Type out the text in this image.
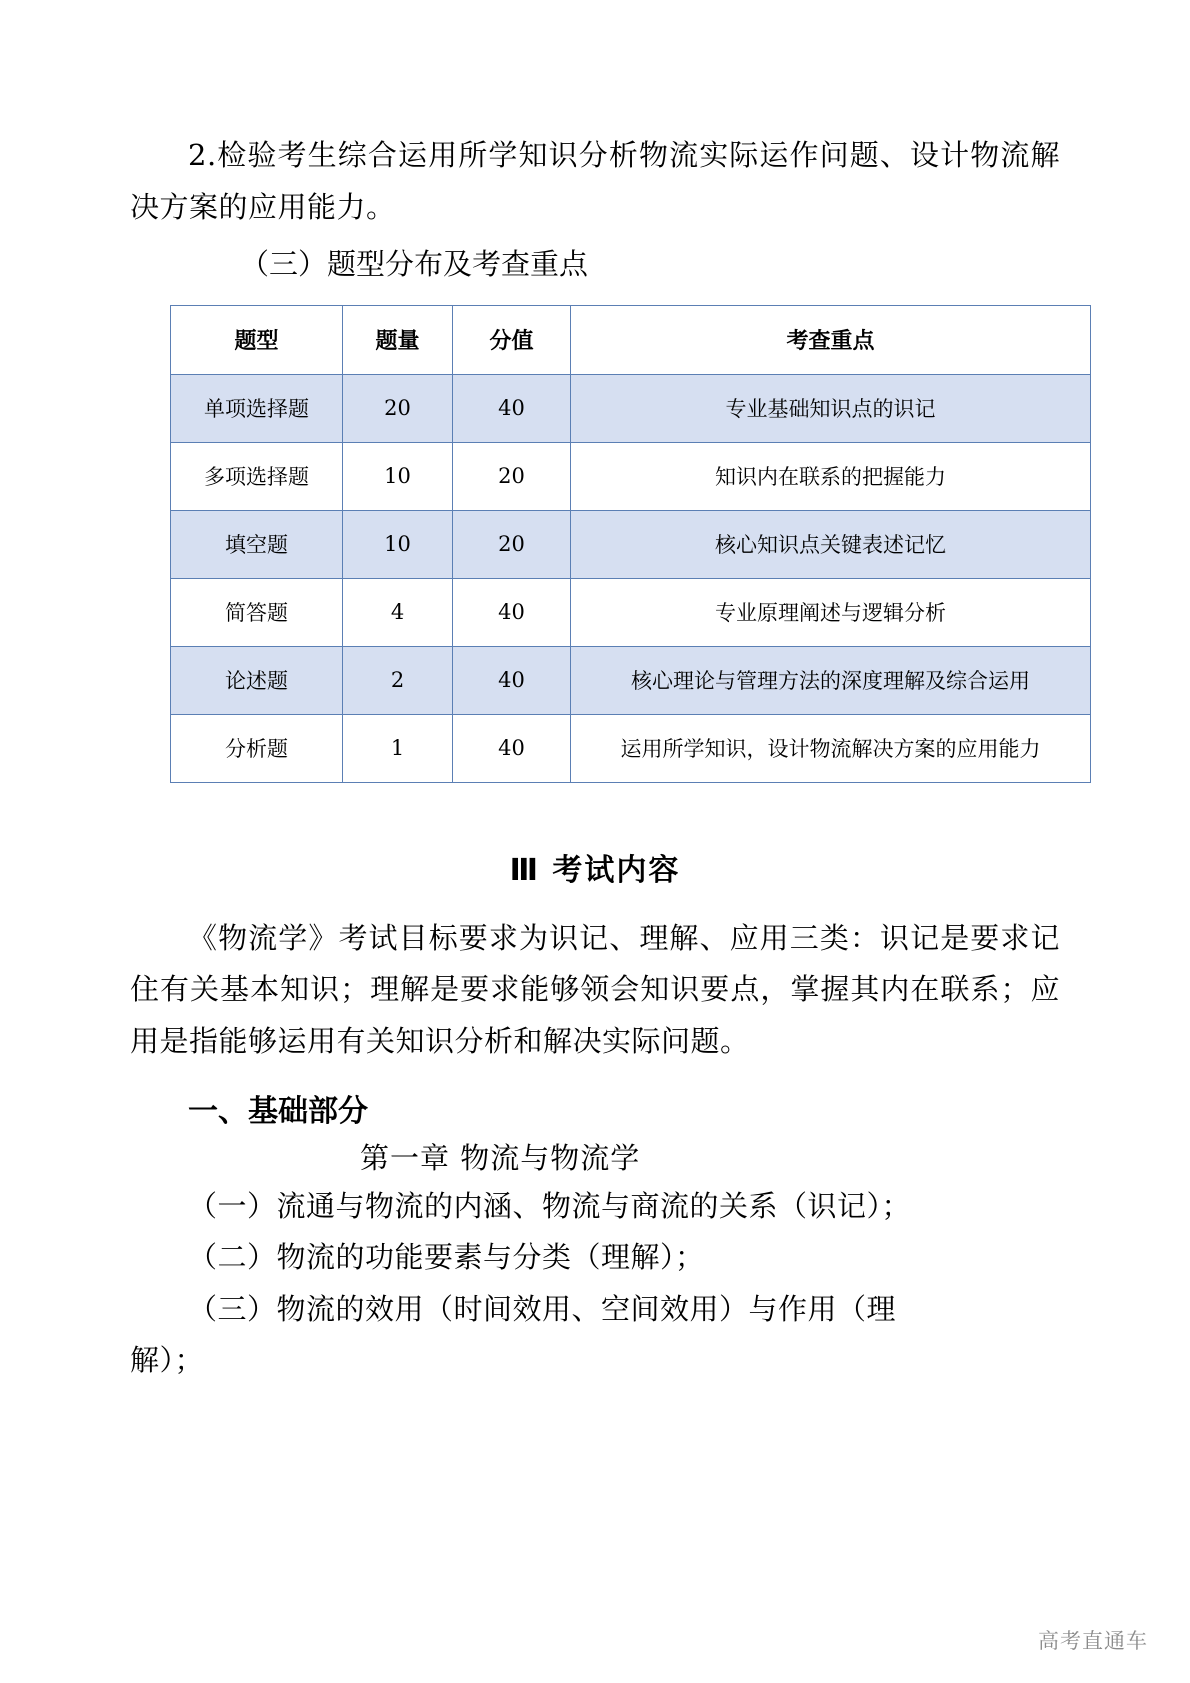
2.检验考生综合运用所学知识分析物流实际运作问题、设计物流解决方案的应用能力。

（三）题型分布及考查重点

题型	题量	分值	考查重点
单项选择题	20	40	专业基础知识点的识记
多项选择题	10	20	知识内在联系的把握能力
填空题	10	20	核心知识点关键表述记忆
简答题	4	40	专业原理阐述与逻辑分析
论述题	2	40	核心理论与管理方法的深度理解及综合运用
分析题	1	40	运用所学知识，设计物流解决方案的应用能力
Ⅲ 考试内容

《物流学》考试目标要求为识记、理解、应用三类：识记是要求记住有关基本知识；理解是要求能够领会知识要点，掌握其内在联系；应用是指能够运用有关知识分析和解决实际问题。

一、基础部分

第一章 物流与物流学

（一）流通与物流的内涵、物流与商流的关系（识记）；

（二）物流的功能要素与分类（理解）；

（三）物流的效用（时间效用、空间效用）与作用（理

解）；

高考直通车
